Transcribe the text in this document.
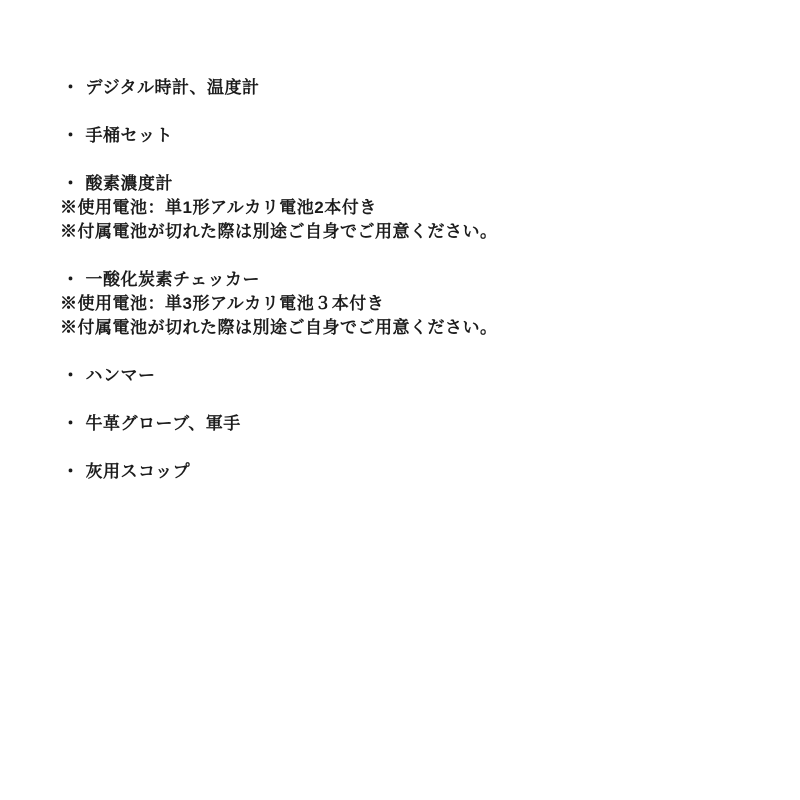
・ デジタル時計、温度計
・ 手桶セット
・ 酸素濃度計
※使用電池：単1形アルカリ電池2本付き
※付属電池が切れた際は別途ご自身でご用意ください。
・ 一酸化炭素チェッカー
※使用電池：単3形アルカリ電池３本付き
※付属電池が切れた際は別途ご自身でご用意ください。
・ ハンマー
・ 牛革グローブ、軍手
・ 灰用スコップ
